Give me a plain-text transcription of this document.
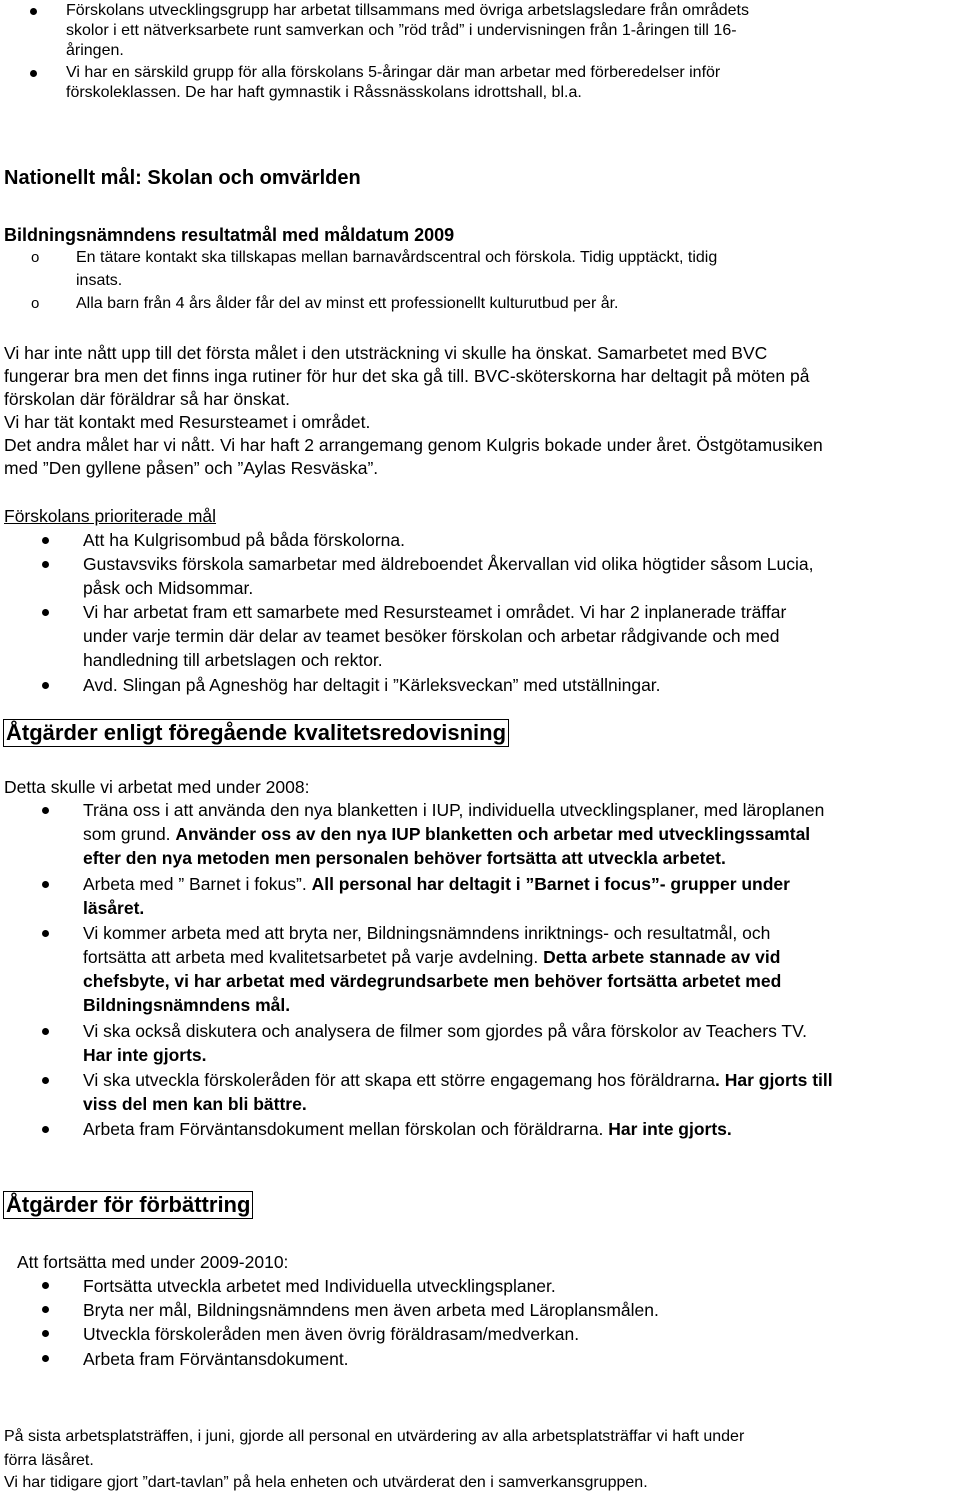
Förskolans utvecklingsgrupp har arbetat tillsammans med övriga arbetslagsledare från områdets
skolor i ett nätverksarbete runt samverkan och ”röd tråd” i undervisningen från 1-åringen till 16-
åringen.
Vi har en särskild grupp för alla förskolans 5-åringar där man arbetar med förberedelser inför
förskoleklassen. De har haft gymnastik i Råssnässkolans idrottshall, bl.a.
Nationellt mål: Skolan och omvärlden
Bildningsnämndens resultatmål med måldatum 2009
o En tätare kontakt ska tillskapas mellan barnavårdscentral och förskola. Tidig upptäckt, tidig
insats.
o Alla barn från 4 års ålder får del av minst ett professionellt kulturutbud per år.
Vi har inte nått upp till det första målet i den utsträckning vi skulle ha önskat. Samarbetet med BVC
fungerar bra men det finns inga rutiner för hur det ska gå till. BVC-sköterskorna har deltagit på möten på
förskolan där föräldrar så har önskat.
Vi har tät kontakt med Resursteamet i området.
Det andra målet har vi nått. Vi har haft 2 arrangemang genom Kulgris bokade under året. Östgötamusiken
med ”Den gyllene påsen” och ”Aylas Resväska”.
Förskolans prioriterade mål
Att ha Kulgrisombud på båda förskolorna.
Gustavsviks förskola samarbetar med äldreboendet Åkervallan vid olika högtider såsom Lucia,
påsk och Midsommar.
Vi har arbetat fram ett samarbete med Resursteamet i området. Vi har 2 inplanerade träffar
under varje termin där delar av teamet besöker förskolan och arbetar rådgivande och med
handledning till arbetslagen och rektor.
Avd. Slingan på Agneshög har deltagit i ”Kärleksveckan” med utställningar.
Åtgärder enligt föregående kvalitetsredovisning
Detta skulle vi arbetat med under 2008:
Träna oss i att använda den nya blanketten i IUP, individuella utvecklingsplaner, med läroplanen
som grund. Använder oss av den nya IUP blanketten och arbetar med utvecklingssamtal
efter den nya metoden men personalen behöver fortsätta att utveckla arbetet.
Arbeta med ” Barnet i fokus”. All personal har deltagit i ”Barnet i focus”- grupper under
läsåret.
Vi kommer arbeta med att bryta ner, Bildningsnämndens inriktnings- och resultatmål, och
fortsätta att arbeta med kvalitetsarbetet på varje avdelning. Detta arbete stannade av vid
chefsbyte, vi har arbetat med värdegrundsarbete men behöver fortsätta arbetet med
Bildningsnämndens mål.
Vi ska också diskutera och analysera de filmer som gjordes på våra förskolor av Teachers TV.
Har inte gjorts.
Vi ska utveckla förskoleråden för att skapa ett större engagemang hos föräldrarna. Har gjorts till
viss del men kan bli bättre.
Arbeta fram Förväntansdokument mellan förskolan och föräldrarna. Har inte gjorts.
Åtgärder för förbättring
Att fortsätta med under 2009-2010:
Fortsätta utveckla arbetet med Individuella utvecklingsplaner.
Bryta ner mål, Bildningsnämndens men även arbeta med Läroplansmålen.
Utveckla förskoleråden men även övrig föräldrasam/medverkan.
Arbeta fram Förväntansdokument.
På sista arbetsplatsträffen, i juni, gjorde all personal en utvärdering av alla arbetsplatsträffar vi haft under
förra läsåret.
Vi har tidigare gjort ”dart-tavlan” på hela enheten och utvärderat den i samverkansgruppen.
